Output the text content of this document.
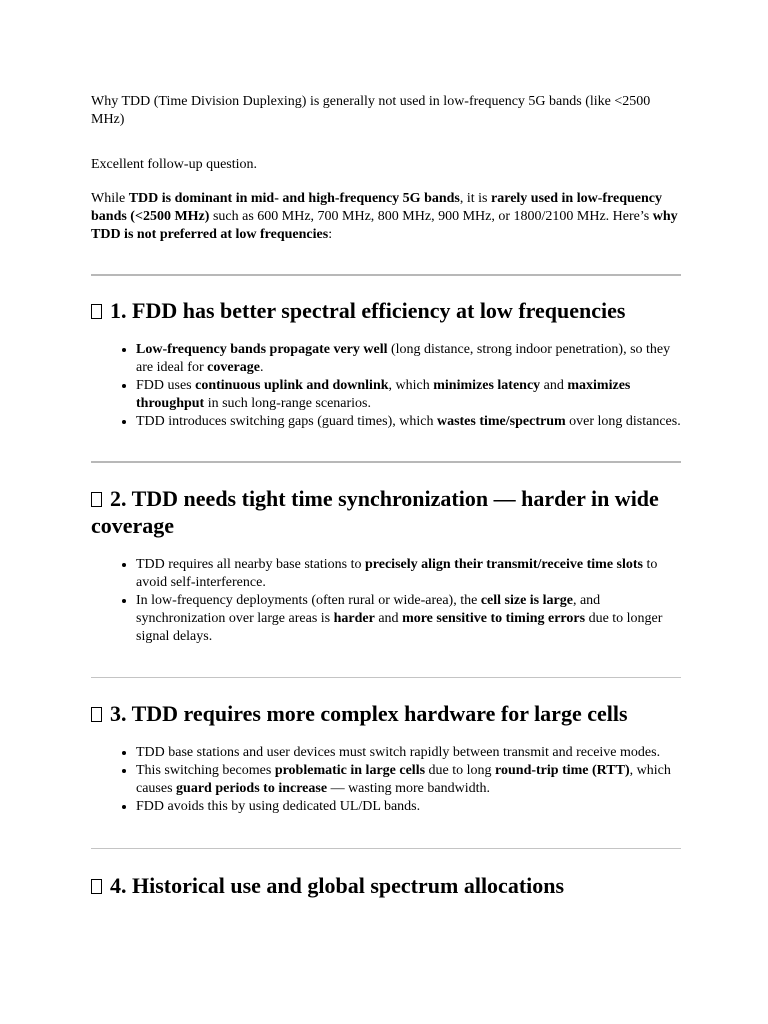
Why TDD (Time Division Duplexing) is generally not used in low-frequency 5G bands (like <2500 MHz)

Excellent follow-up question.

While TDD is dominant in mid- and high-frequency 5G bands, it is rarely used in low-frequency bands (<2500 MHz) such as 600 MHz, 700 MHz, 800 MHz, 900 MHz, or 1800/2100 MHz. Here’s why TDD is not preferred at low frequencies:

1. FDD has better spectral efficiency at low frequencies
• Low-frequency bands propagate very well (long distance, strong indoor penetration), so they are ideal for coverage.
• FDD uses continuous uplink and downlink, which minimizes latency and maximizes throughput in such long-range scenarios.
• TDD introduces switching gaps (guard times), which wastes time/spectrum over long distances.
2. TDD needs tight time synchronization — harder in wide coverage
• TDD requires all nearby base stations to precisely align their transmit/receive time slots to avoid self-interference.
• In low-frequency deployments (often rural or wide-area), the cell size is large, and synchronization over large areas is harder and more sensitive to timing errors due to longer signal delays.
3. TDD requires more complex hardware for large cells
• TDD base stations and user devices must switch rapidly between transmit and receive modes.
• This switching becomes problematic in large cells due to long round-trip time (RTT), which causes guard periods to increase — wasting more bandwidth.
• FDD avoids this by using dedicated UL/DL bands.
4. Historical use and global spectrum allocations
